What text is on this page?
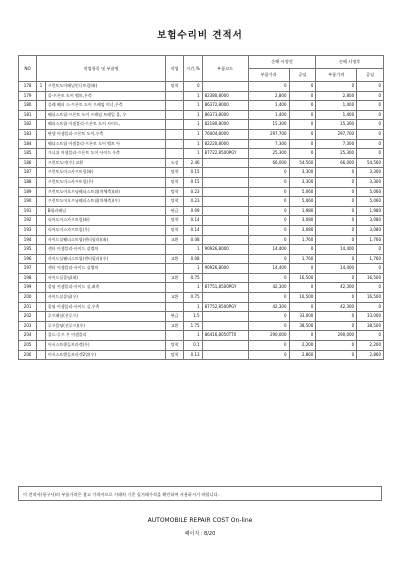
보험수리비 견적서
NO	작업항목 및 부품명		작업	시간,%	부품코드	손해 사정전		손해 사정후	
						부품가격	공임	부품가격	공임
178	1	프런트도어패널인너트림(좌)	탈착	0		0	0	0	0
179		몰-프론트 도어 벨트,우측		1	82380,8000	2,800	0	2,800	0
180		플레 웨더 스-프론트 도어 프레임 이너,우측		1	86372,8000	1,400	0	1,400	0
181		웨더스트립-프론트 도어 프레임 트레일 몰, 우		1	86373,8000	1,400	0	1,400	0
182		웨더스트립 어셈블리-프론트 도어 사이드,		1	82180,8000	15,300	0	15,300	0
183		판넬 어셈블리-프론트 도어,우측		1	76004,8000	297,700	0	297,700	0
184		웨더스트립 어셈블리-프론트 도어 벨트 아		1	82220,8000	7,300	0	7,300	0
185		가니쉬 어셈블리-프론트 도어 사이드 우측		1	87722,8500PGY	25,300	0	25,300	0
186		프런트도어(우) 교환	도장	2.46		66,000	54,560	66,000	54,560
187		프런트도어스카프트림(좌)	탈착	0.15		0	3,300	0	3,300
188		프런트도어스카프트림(우)	탈착	0.15		0	3,300	0	3,300
189		프런트도어오프닝웨더스트립(차체측)(좌)	탈착	0.23		0	5,060	0	5,060
190		프런트도어오프닝웨더스트립(차체측)(우)	탈착	0.23		0	5,060	0	5,060
191		B필러패널	판금	0.09		0	1,980	0	1,980
192		리어도어스카프트림(좌)	탈착	0.14		0	3,080	0	3,080
193		리어도어스카프트림(우)	탈착	0.14		0	3,080	0	3,080
194		사이드실웨더스트립(센터필러)(좌)	교환	0.08		0	1,760	0	1,760
195		센터 어셈블리-사이드 실캡처		1	90926,8000	14,400	0	14,400	0
196		사이드실웨더스트립(센터필러)(우)	교환	0.08		0	1,760	0	1,760
197		센터 어셈블리-사이드 실캡처		1	90926,8000	14,400	0	14,400	0
198		사이드실몰딩(좌)	교환	0.75		0	16,500	0	16,500
199		몰딩 어셈블리-사이드 실,좌측		1	87751,8500PGY	42,300	0	42,300	0
200		사이드실몰딩(우)	교환	0.75		0	16,500	0	16,500
201		몰딩 어셈블리-사이드 실,우측		1	87752,8500PGY	42,300	0	42,300	0
202		루프패널(선루프)	판금	1.5		0	33,000	0	33,000
203		루프몰딩(선루프)(우)	교환	1.75		0	38,500	0	38,500
204		몰드-루프 우 어셈블리		1	86416,8050TTX	290,000	0	290,000	0
205		어시스트핸들브라켓(우)	탈착	0.1		0	2,200	0	2,200
206		어시스트핸들브라켓2열(우)	탈착	0.13		0	2,860	0	2,860
이 견적서(청구서)의 부품가격은 참고 가격이므로 거래처 기준 실거래가격을 확인하여 사용하시기 바랍니다.
AUTOMOBILE REPAIR COST On-line
페이지 : 8/20
